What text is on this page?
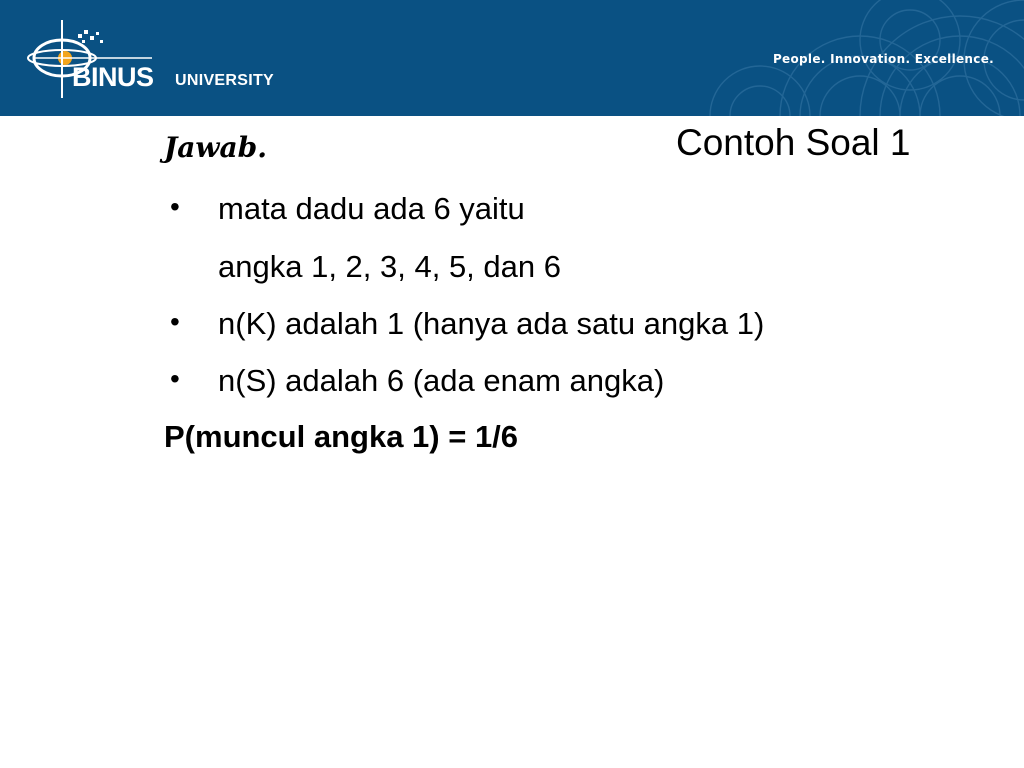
BINUS UNIVERSITY
People. Innovation. Excellence.
Jawab.	Contoh Soal 1
• mata dadu ada 6 yaitu
angka 1, 2, 3, 4, 5, dan 6
• n(K) adalah 1 (hanya ada satu angka 1)
• n(S) adalah 6 (ada enam angka)
P(muncul angka 1) = 1/6
